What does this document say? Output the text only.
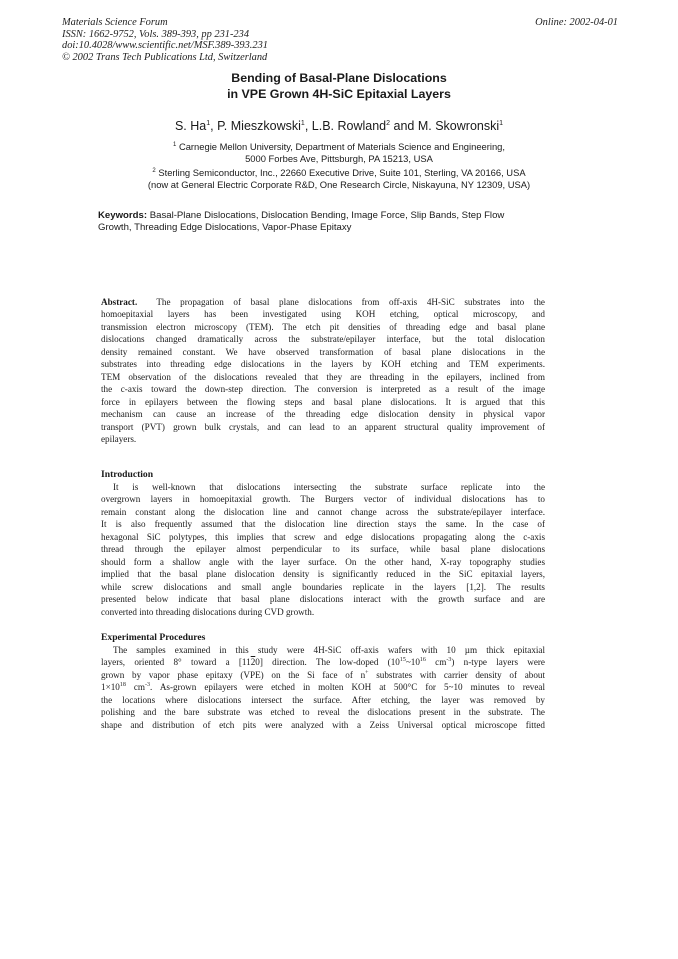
Materials Science Forum
ISSN: 1662-9752, Vols. 389-393, pp 231-234
doi:10.4028/www.scientific.net/MSF.389-393.231
© 2002 Trans Tech Publications Ltd, Switzerland
Online: 2002-04-01
Bending of Basal-Plane Dislocations
in VPE Grown 4H-SiC Epitaxial Layers
S. Ha$^1$, P. Mieszkowski$^1$, L.B. Rowland$^2$ and M. Skowronski$^1$
$^1$ Carnegie Mellon University, Department of Materials Science and Engineering,
5000 Forbes Ave, Pittsburgh, PA 15213, USA
$^2$ Sterling Semiconductor, Inc., 22660 Executive Drive, Suite 101, Sterling, VA 20166, USA
(now at General Electric Corporate R&D, One Research Circle, Niskayuna, NY 12309, USA)
Keywords: Basal-Plane Dislocations, Dislocation Bending, Image Force, Slip Bands, Step Flow
Growth, Threading Edge Dislocations, Vapor-Phase Epitaxy
Abstract. The propagation of basal plane dislocations from off-axis 4H-SiC substrates into the
homoepitaxial layers has been investigated using KOH etching, optical microscopy, and
transmission electron microscopy (TEM). The etch pit densities of threading edge and basal plane
dislocations changed dramatically across the substrate/epilayer interface, but the total dislocation
density remained constant. We have observed transformation of basal plane dislocations in the
substrates into threading edge dislocations in the layers by KOH etching and TEM experiments.
TEM observation of the dislocations revealed that they are threading in the epilayers, inclined from
the c-axis toward the down-step direction. The conversion is interpreted as a result of the image
force in epilayers between the flowing steps and basal plane dislocations. It is argued that this
mechanism can cause an increase of the threading edge dislocation density in physical vapor
transport (PVT) grown bulk crystals, and can lead to an apparent structural quality improvement of
epilayers.
Introduction
It is well-known that dislocations intersecting the substrate surface replicate into the
overgrown layers in homoepitaxial growth. The Burgers vector of individual dislocations has to
remain constant along the dislocation line and cannot change across the substrate/epilayer interface.
It is also frequently assumed that the dislocation line direction stays the same. In the case of
hexagonal SiC polytypes, this implies that screw and edge dislocations propagating along the c-axis
thread through the epilayer almost perpendicular to its surface, while basal plane dislocations
should form a shallow angle with the layer surface. On the other hand, X-ray topography studies
implied that the basal plane dislocation density is significantly reduced in the SiC epitaxial layers,
while screw dislocations and small angle boundaries replicate in the layers [1,2]. The results
presented below indicate that basal plane dislocations interact with the growth surface and are
converted into threading dislocations during CVD growth.
Experimental Procedures
The samples examined in this study were 4H-SiC off-axis wafers with 10 µm thick epitaxial
layers, oriented 8° toward a [1120] direction. The low-doped ($10^{15}\sim 10^{16}$ $cm^{-3}$) n-type layers were
grown by vapor phase epitaxy (VPE) on the Si face of n+ substrates with carrier density of about
$1\times 10^{18}$ $cm^{-3}$. As-grown epilayers were etched in molten KOH at 500°C for 5~10 minutes to reveal
the locations where dislocations intersect the surface. After etching, the layer was removed by
polishing and the bare substrate was etched to reveal the dislocations present in the substrate. The
shape and distribution of etch pits were analyzed with a Zeiss Universal optical microscope fitted
